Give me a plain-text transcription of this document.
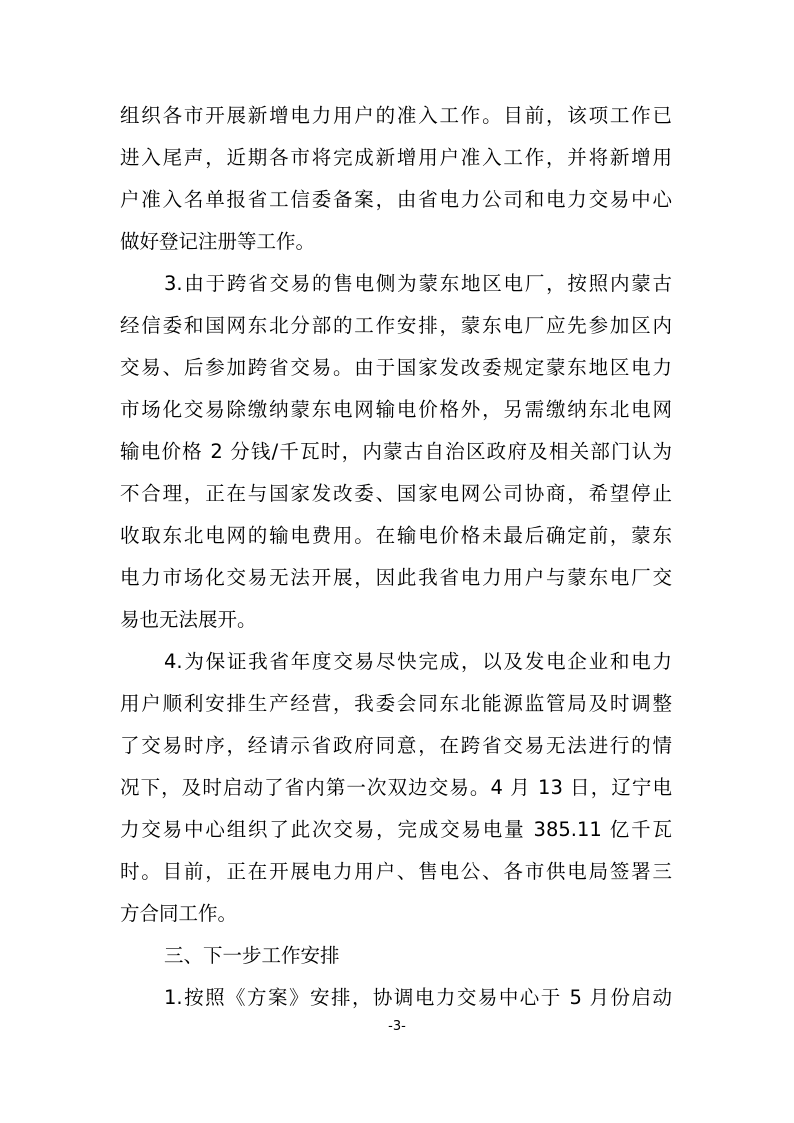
组织各市开展新增电力用户的准入工作。目前，该项工作已
进入尾声，近期各市将完成新增用户准入工作，并将新增用
户准入名单报省工信委备案，由省电力公司和电力交易中心
做好登记注册等工作。
3.由于跨省交易的售电侧为蒙东地区电厂，按照内蒙古
经信委和国网东北分部的工作安排，蒙东电厂应先参加区内
交易、后参加跨省交易。由于国家发改委规定蒙东地区电力
市场化交易除缴纳蒙东电网输电价格外，另需缴纳东北电网
输电价格 2 分钱/千瓦时，内蒙古自治区政府及相关部门认为
不合理，正在与国家发改委、国家电网公司协商，希望停止
收取东北电网的输电费用。在输电价格未最后确定前，蒙东
电力市场化交易无法开展，因此我省电力用户与蒙东电厂交
易也无法展开。
4.为保证我省年度交易尽快完成，以及发电企业和电力
用户顺利安排生产经营，我委会同东北能源监管局及时调整
了交易时序，经请示省政府同意，在跨省交易无法进行的情
况下，及时启动了省内第一次双边交易。4 月 13 日，辽宁电
力交易中心组织了此次交易，完成交易电量 385.11 亿千瓦
时。目前，正在开展电力用户、售电公、各市供电局签署三
方合同工作。
三、下一步工作安排
1.按照《方案》安排，协调电力交易中心于 5 月份启动
-3-
